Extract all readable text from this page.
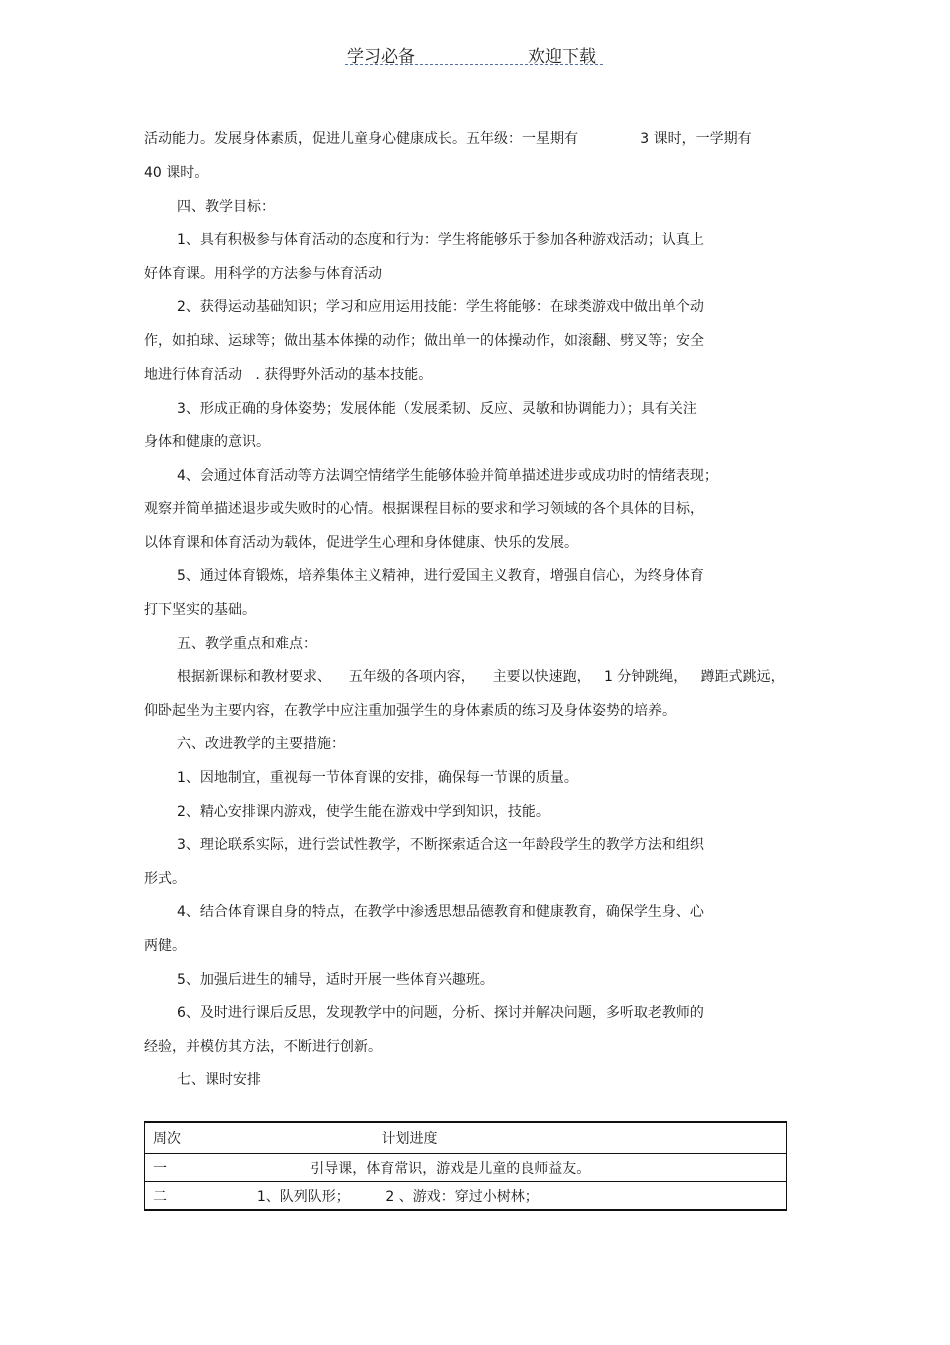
学习必备	欢迎下载
活动能力。发展身体素质，促进儿童身心健康成长。五年级：一星期有              3 课时，一学期有
40 课时。
四、教学目标：
1、具有积极参与体育活动的态度和行为：学生将能够乐于参加各种游戏活动；认真上
好体育课。用科学的方法参与体育活动
2、获得运动基础知识；学习和应用运用技能：学生将能够：在球类游戏中做出单个动
作，如拍球、运球等；做出基本体操的动作；做出单一的体操动作，如滚翻、劈叉等；安全
地进行体育活动   . 获得野外活动的基本技能。
3、形成正确的身体姿势；发展体能（发展柔韧、反应、灵敏和协调能力）；具有关注
身体和健康的意识。
4、会通过体育活动等方法调空情绪学生能够体验并简单描述进步或成功时的情绪表现；
观察并简单描述退步或失败时的心情。根据课程目标的要求和学习领域的各个具体的目标，
以体育课和体育活动为载体，促进学生心理和身体健康、快乐的发展。
5、通过体育锻炼，培养集体主义精神，进行爱国主义教育，增强自信心，为终身体育
打下坚实的基础。
五、教学重点和难点：
根据新课标和教材要求、    五年级的各项内容，    主要以快速跑，   1 分钟跳绳，   蹲距式跳远，
仰卧起坐为主要内容，在教学中应注重加强学生的身体素质的练习及身体姿势的培养。
六、改进教学的主要措施：
1、因地制宜，重视每一节体育课的安排，确保每一节课的质量。
2、精心安排课内游戏，使学生能在游戏中学到知识，技能。
3、理论联系实际，进行尝试性教学，不断探索适合这一年龄段学生的教学方法和组织
形式。
4、结合体育课自身的特点，在教学中渗透思想品德教育和健康教育，确保学生身、心
两健。
5、加强后进生的辅导，适时开展一些体育兴趣班。
6、及时进行课后反思，发现教学中的问题，分析、探讨并解决问题，多听取老教师的
经验，并模仿其方法，不断进行创新。
七、课时安排
周次	计划进度
一	引导课，体育常识，游戏是儿童的良师益友。
二	1、队列队形；        2 、游戏：穿过小树林；
